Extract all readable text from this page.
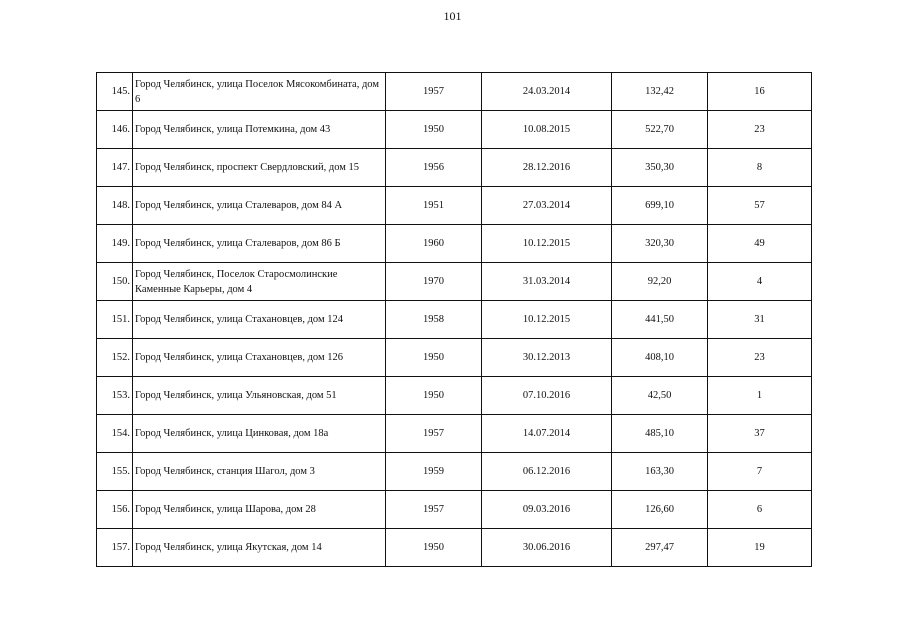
101
145.	Город Челябинск, улица Поселок Мясокомбината, дом 6	1957	24.03.2014	132,42	16
146.	Город Челябинск, улица Потемкина, дом 43	1950	10.08.2015	522,70	23
147.	Город Челябинск, проспект Свердловский, дом 15	1956	28.12.2016	350,30	8
148.	Город Челябинск, улица Сталеваров, дом 84 А	1951	27.03.2014	699,10	57
149.	Город Челябинск, улица Сталеваров, дом 86 Б	1960	10.12.2015	320,30	49
150.	Город Челябинск, Поселок Старосмолинские Каменные Карьеры, дом 4	1970	31.03.2014	92,20	4
151.	Город Челябинск, улица Стахановцев, дом 124	1958	10.12.2015	441,50	31
152.	Город Челябинск, улица Стахановцев, дом 126	1950	30.12.2013	408,10	23
153.	Город Челябинск, улица Ульяновская, дом 51	1950	07.10.2016	42,50	1
154.	Город Челябинск, улица Цинковая, дом 18а	1957	14.07.2014	485,10	37
155.	Город Челябинск, станция Шагол, дом 3	1959	06.12.2016	163,30	7
156.	Город Челябинск, улица Шарова, дом 28	1957	09.03.2016	126,60	6
157.	Город Челябинск, улица Якутская, дом 14	1950	30.06.2016	297,47	19
